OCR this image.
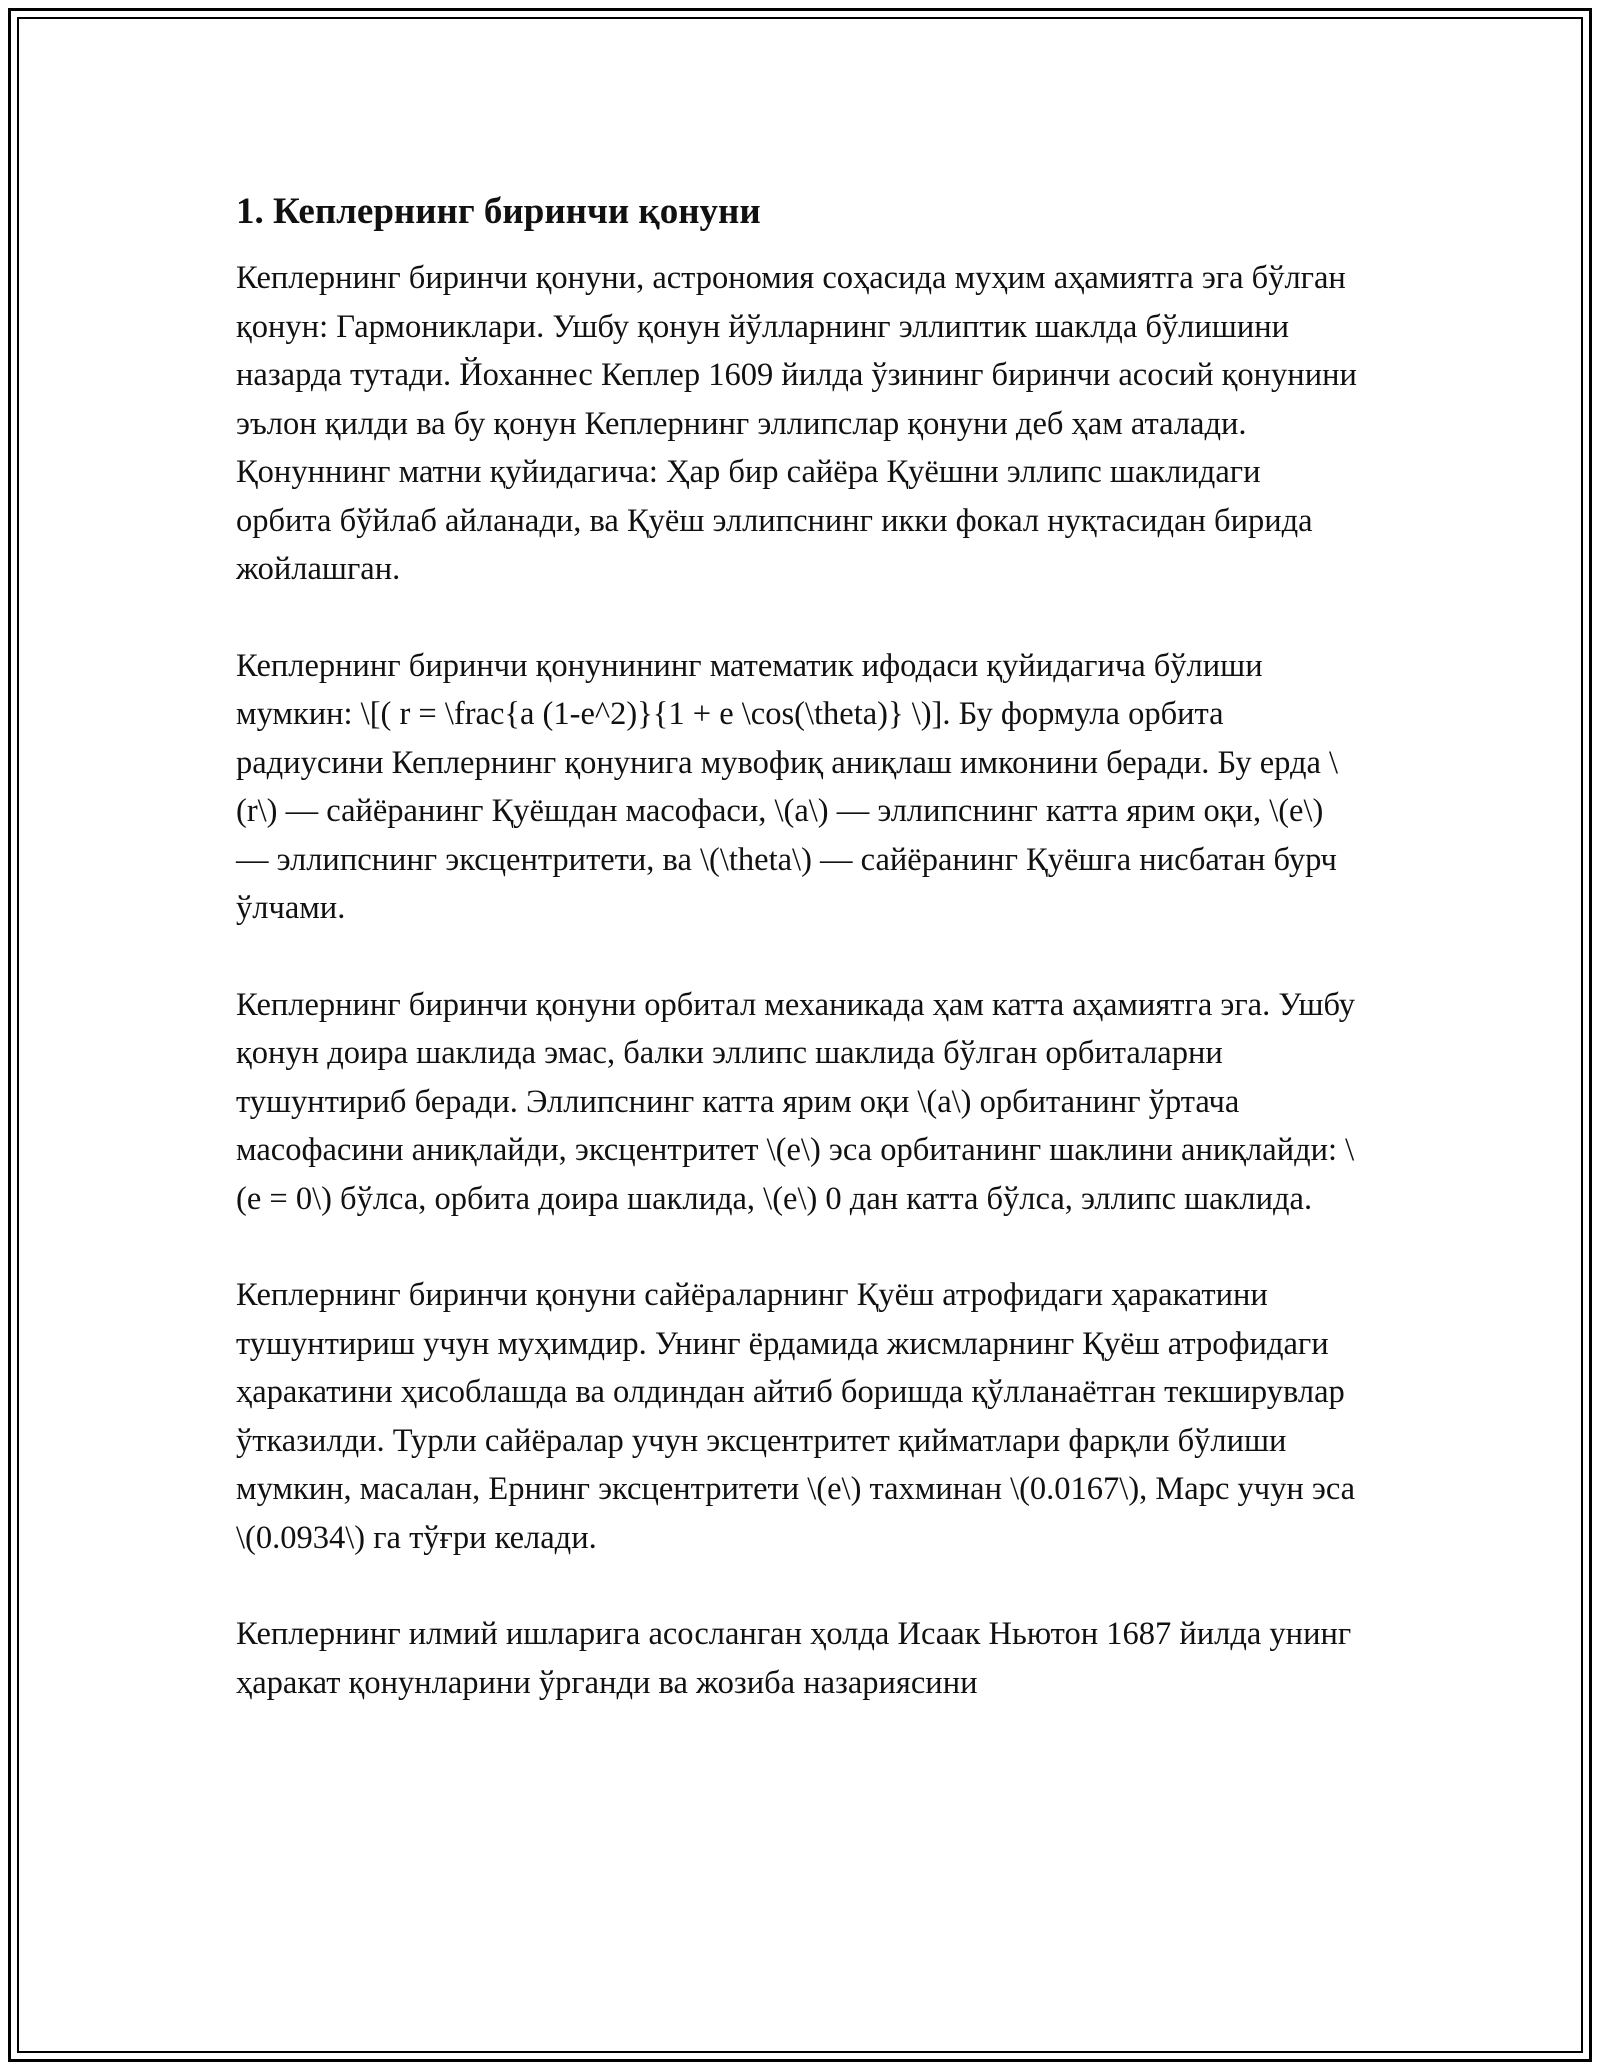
1. Кеплернинг биринчи қонуни

Кеплернинг биринчи қонуни, астрономия соҳасида муҳим аҳамиятга эга бўлган қонун: Гармониклари. Ушбу қонун йўлларнинг эллиптик шаклда бўлишини назарда тутади. Йоханнес Кеплер 1609 йилда ўзининг биринчи асосий қонунини эълон қилди ва бу қонун Кеплернинг эллипслар қонуни деб ҳам аталади. Қонуннинг матни қуйидагича: Ҳар бир сайёра Қуёшни эллипс шаклидаги орбита бўйлаб айланади, ва Қуёш эллипснинг икки фокал нуқтасидан бирида жойлашган.

Кеплернинг биринчи қонунининг математик ифодаси қуйидагича бўлиши мумкин: \[( r = \frac{a (1-e^2)}{1 + e \cos(\theta)} \)]. Бу формула орбита радиусини Кеплернинг қонунига мувофиқ аниқлаш имконини беради. Бу ерда \(r\) — сайёранинг Қуёшдан масофаси, \(a\) — эллипснинг катта ярим оқи, \(e\) — эллипснинг эксцентритети, ва \(\theta\) — сайёранинг Қуёшга нисбатан бурч ўлчами.

Кеплернинг биринчи қонуни орбитал механикада ҳам катта аҳамиятга эга. Ушбу қонун доира шаклида эмас, балки эллипс шаклида бўлган орбиталарни тушунтириб беради. Эллипснинг катта ярим оқи \(a\) орбитанинг ўртача масофасини аниқлайди, эксцентритет \(e\) эса орбитанинг шаклини аниқлайди: \(e = 0\) бўлса, орбита доира шаклида, \(e\) 0 дан катта бўлса, эллипс шаклида.

Кеплернинг биринчи қонуни сайёраларнинг Қуёш атрофидаги ҳаракатини тушунтириш учун муҳимдир. Унинг ёрдамида жисмларнинг Қуёш атрофидаги ҳаракатини ҳисоблашда ва олдиндан айтиб боришда қўлланаётган текширувлар ўтказилди. Турли сайёралар учун эксцентритет қийматлари фарқли бўлиши мумкин, масалан, Ернинг эксцентритети \(e\) тахминан \(0.0167\), Марс учун эса \(0.0934\) га тўғри келади.

Кеплернинг илмий ишларига асосланган ҳолда Исаак Ньютон 1687 йилда унинг ҳаракат қонунларини ўрганди ва жозиба назариясини
